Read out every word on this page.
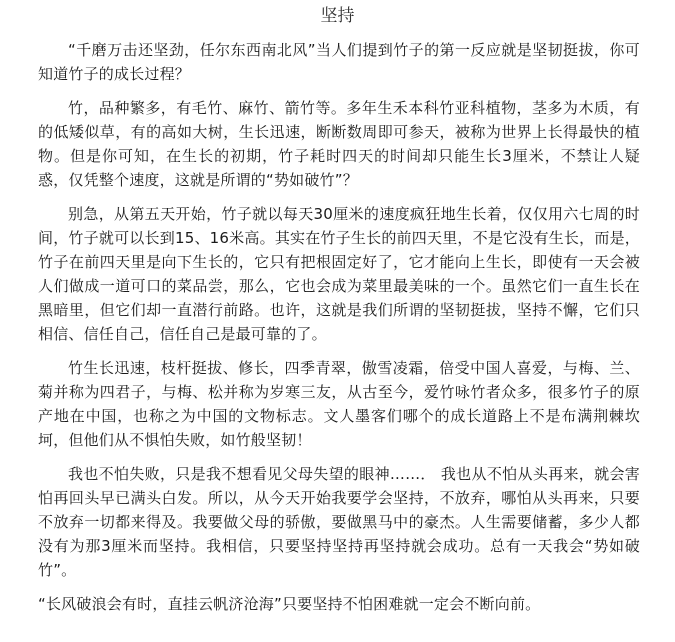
坚持

“千磨万击还坚劲，任尔东西南北风”当人们提到竹子的第一反应就是坚韧挺拔，你可知道竹子的成长过程？

竹，品种繁多，有毛竹、麻竹、箭竹等。多年生禾本科竹亚科植物，茎多为木质，有的低矮似草，有的高如大树，生长迅速，断断数周即可参天，被称为世界上长得最快的植物。但是你可知，在生长的初期，竹子耗时四天的时间却只能生长3厘米，不禁让人疑惑，仅凭整个速度，这就是所谓的“势如破竹”？

别急，从第五天开始，竹子就以每天30厘米的速度疯狂地生长着，仅仅用六七周的时间，竹子就可以长到15、16米高。其实在竹子生长的前四天里，不是它没有生长，而是，竹子在前四天里是向下生长的，它只有把根固定好了，它才能向上生长，即使有一天会被人们做成一道可口的菜品尝，那么，它也会成为菜里最美味的一个。虽然它们一直生长在黑暗里，但它们却一直潜行前路。也许，这就是我们所谓的坚韧挺拔，坚持不懈，它们只相信、信任自己，信任自己是最可靠的了。

竹生长迅速，枝杆挺拔、修长，四季青翠，傲雪凌霜，倍受中国人喜爱，与梅、兰、菊并称为四君子，与梅、松并称为岁寒三友，从古至今，爱竹咏竹者众多，很多竹子的原产地在中国，也称之为中国的文物标志。文人墨客们哪个的成长道路上不是布满荆棘坎坷，但他们从不惧怕失败，如竹般坚韧！

我也不怕失败，只是我不想看见父母失望的眼神……． 我也从不怕从头再来，就会害怕再回头早已满头白发。所以，从今天开始我要学会坚持，不放弃，哪怕从头再来，只要不放弃一切都来得及。我要做父母的骄傲，要做黑马中的豪杰。人生需要储蓄，多少人都没有为那3厘米而坚持。我相信，只要坚持坚持再坚持就会成功。总有一天我会“势如破竹”。

“长风破浪会有时，直挂云帆济沧海”只要坚持不怕困难就一定会不断向前。
